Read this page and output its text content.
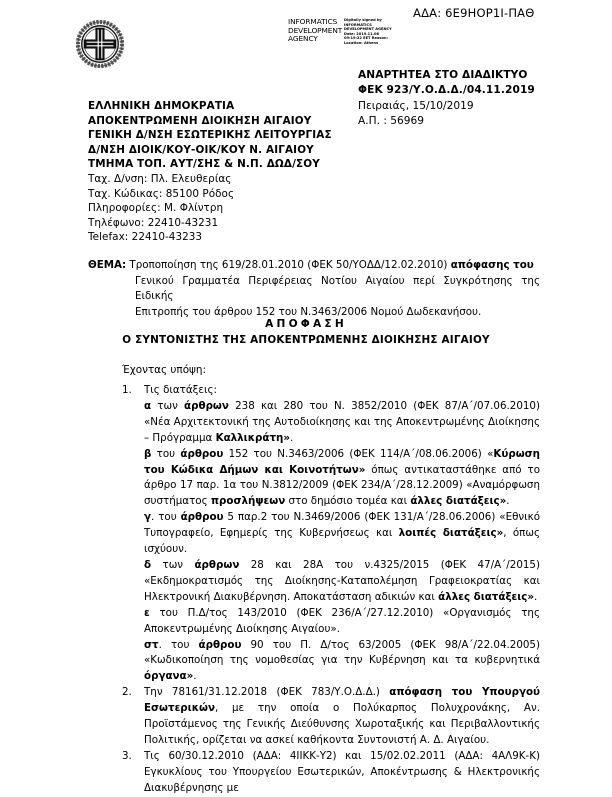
ΑΔΑ: 6Ε9ΗΟΡ1Ι-ΠΑΘ
INFORMATICS DEVELOPMENT AGENCY
Digitally signed by INFORMATICS DEVELOPMENT AGENCY Date: 2019.11.06 09:19:22 EET Reason: Location: Athens
ΑΝΑΡΤΗΤΕΑ ΣΤΟ ΔΙΑΔΙΚΤΥΟ
ΦΕΚ 923/Υ.Ο.Δ.Δ./04.11.2019
Πειραιάς, 15/10/2019
Α.Π. : 56969
ΕΛΛΗΝΙΚΗ ΔΗΜΟΚΡΑΤΙΑ
ΑΠΟΚΕΝΤΡΩΜΕΝΗ ΔΙΟΙΚΗΣΗ ΑΙΓΑΙΟΥ
ΓΕΝΙΚΗ Δ/ΝΣΗ ΕΣΩΤΕΡΙΚΗΣ ΛΕΙΤΟΥΡΓΙΑΣ
Δ/ΝΣΗ ΔΙΟΙΚ/ΚΟΥ-ΟΙΚ/ΚΟΥ Ν. ΑΙΓΑΙΟΥ
ΤΜΗΜΑ ΤΟΠ. ΑΥΤ/ΣΗΣ & Ν.Π. ΔΩΔ/ΣΟΥ
Ταχ. Δ/νση: Πλ. Ελευθερίας
Ταχ. Κώδικας: 85100 Ρόδος
Πληροφορίες: Μ. Φλίντρη
Τηλέφωνο: 22410-43231
Telefax: 22410-43233
ΘΕΜΑ: Τροποποίηση της 619/28.01.2010 (ΦΕΚ 50/ΥΟΔΔ/12.02.2010) απόφασης του
Γενικού Γραμματέα Περιφέρειας Νοτίου Αιγαίου περί Συγκρότησης της Ειδικής
Επιτροπής του άρθρου 152 του Ν.3463/2006 Νομού Δωδεκανήσου.
ΑΠΟΦΑΣΗ
Ο ΣΥΝΤΟΝΙΣΤΗΣ ΤΗΣ ΑΠΟΚΕΝΤΡΩΜΕΝΗΣ ΔΙΟΙΚΗΣΗΣ ΑΙΓΑΙΟΥ
Έχοντας υπόψη:
1.	Τις διατάξεις:
α των άρθρων 238 και 280 του Ν. 3852/2010 (ΦΕΚ 87/Α΄/07.06.2010) «Νέα Αρχιτεκτονική της Αυτοδιοίκησης και της Αποκεντρωμένης Διοίκησης – Πρόγραμμα Καλλικράτη».
β του άρθρου 152 του Ν.3463/2006 (ΦΕΚ 114/Α΄/08.06.2006) «Κύρωση του Κώδικα Δήμων και Κοινοτήτων» όπως αντικαταστάθηκε από το άρθρο 17 παρ. 1α του Ν.3812/2009 (ΦΕΚ 234/Α΄/28.12.2009) «Αναμόρφωση συστήματος προσλήψεων στο δημόσιο τομέα και άλλες διατάξεις».
γ. του άρθρου 5 παρ.2 του Ν.3469/2006 (ΦΕΚ 131/Α΄/28.06.2006) «Εθνικό Τυπογραφείο, Εφημερίς της Κυβερνήσεως και λοιπές διατάξεις», όπως ισχύουν.
δ των άρθρων 28 και 28Α του ν.4325/2015 (ΦΕΚ 47/Α΄/2015) «Εκδημοκρατισμός της Διοίκησης-Καταπολέμηση Γραφειοκρατίας και Ηλεκτρονική Διακυβέρνηση. Αποκατάσταση αδικιών και άλλες διατάξεις».
ε του Π.Δ/τος 143/2010 (ΦΕΚ 236/Α΄/27.12.2010) «Οργανισμός της Αποκεντρωμένης Διοίκησης Αιγαίου».
στ. του άρθρου 90 του Π. Δ/τος 63/2005 (ΦΕΚ 98/Α΄/22.04.2005) «Κωδικοποίηση της νομοθεσίας για την Κυβέρνηση και τα κυβερνητικά όργανα».
2.	Την 78161/31.12.2018 (ΦΕΚ 783/Υ.Ο.Δ.Δ.) απόφαση του Υπουργού Εσωτερικών, με την οποία ο Πολύκαρπος Πολυχρονάκης, Αν. Προϊστάμενος της Γενικής Διεύθυνσης Χωροταξικής και Περιβαλλοντικής Πολιτικής, ορίζεται να ασκεί καθήκοντα Συντονιστή Α. Δ. Αιγαίου.
3.	Τις 60/30.12.2010 (ΑΔΑ: 4ΙΙΚΚ-Υ2) και 15/02.02.2011 (ΑΔΑ: 4ΑΛ9Κ-Κ) Εγκυκλίους του Υπουργείου Εσωτερικών, Αποκέντρωσης & Ηλεκτρονικής Διακυβέρνησης με
